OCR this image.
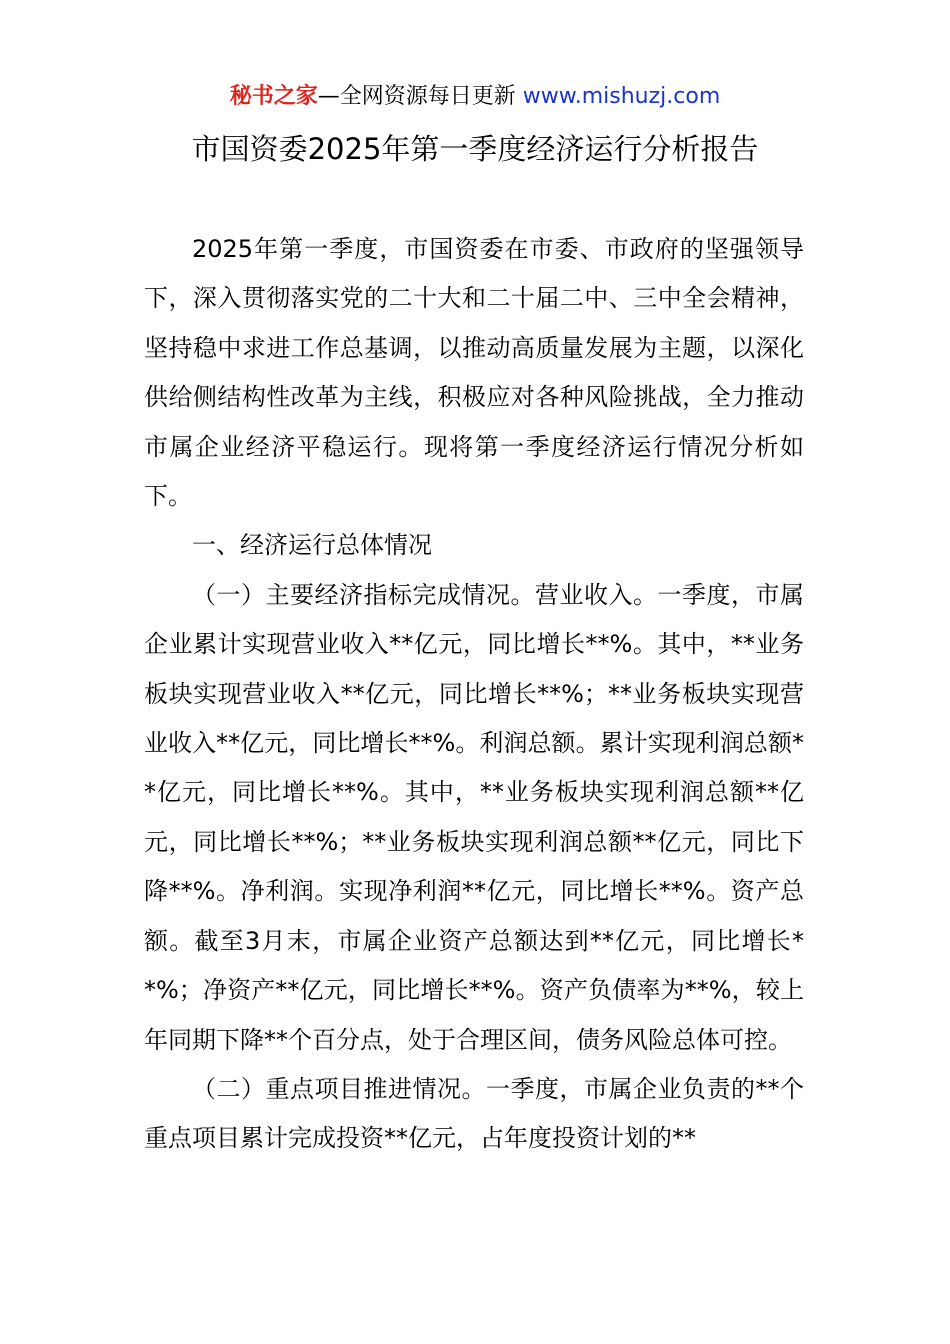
秘书之家—全网资源每日更新 www.mishuzj.com
市国资委2025年第一季度经济运行分析报告

2025年第一季度，市国资委在市委、市政府的坚强领导下，深入贯彻落实党的二十大和二十届二中、三中全会精神，坚持稳中求进工作总基调，以推动高质量发展为主题，以深化供给侧结构性改革为主线，积极应对各种风险挑战，全力推动市属企业经济平稳运行。现将第一季度经济运行情况分析如下。

一、经济运行总体情况

（一）主要经济指标完成情况。营业收入。一季度，市属企业累计实现营业收入**亿元，同比增长**%。其中，**业务板块实现营业收入**亿元，同比增长**%；**业务板块实现营业收入**亿元，同比增长**%。利润总额。累计实现利润总额**亿元，同比增长**%。其中，**业务板块实现利润总额**亿元，同比增长**%；**业务板块实现利润总额**亿元，同比下降**%。净利润。实现净利润**亿元，同比增长**%。资产总额。截至3月末，市属企业资产总额达到**亿元，同比增长**%；净资产**亿元，同比增长**%。资产负债率为**%，较上年同期下降**个百分点，处于合理区间，债务风险总体可控。

（二）重点项目推进情况。一季度，市属企业负责的**个重点项目累计完成投资**亿元，占年度投资计划的**
